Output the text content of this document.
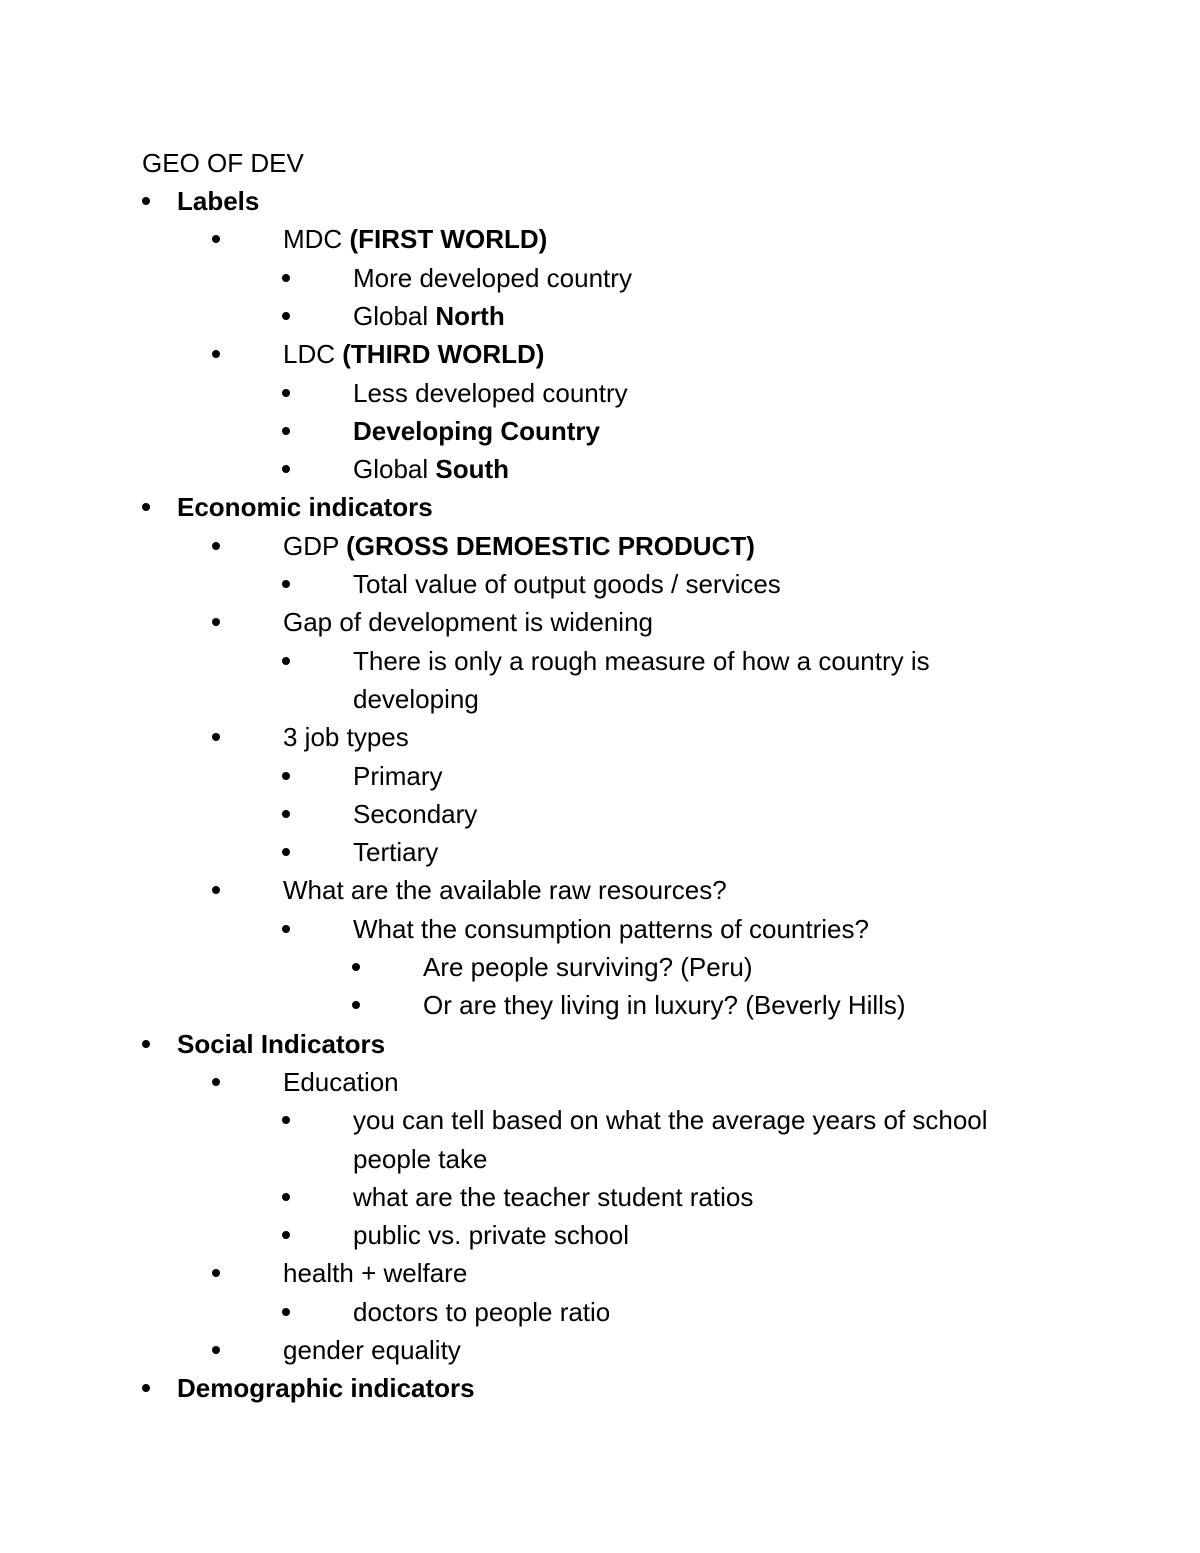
GEO OF DEV
Labels
MDC (FIRST WORLD)
More developed country
Global North
LDC (THIRD WORLD)
Less developed country
Developing Country
Global South
Economic indicators
GDP (GROSS DEMOESTIC PRODUCT)
Total value of output goods / services
Gap of development is widening
There is only a rough measure of how a country is
developing
3 job types
Primary
Secondary
Tertiary
What are the available raw resources?
What the consumption patterns of countries?
Are people surviving? (Peru)
Or are they living in luxury? (Beverly Hills)
Social Indicators
Education
you can tell based on what the average years of school
people take
what are the teacher student ratios
public vs. private school
health + welfare
doctors to people ratio
gender equality
Demographic indicators
